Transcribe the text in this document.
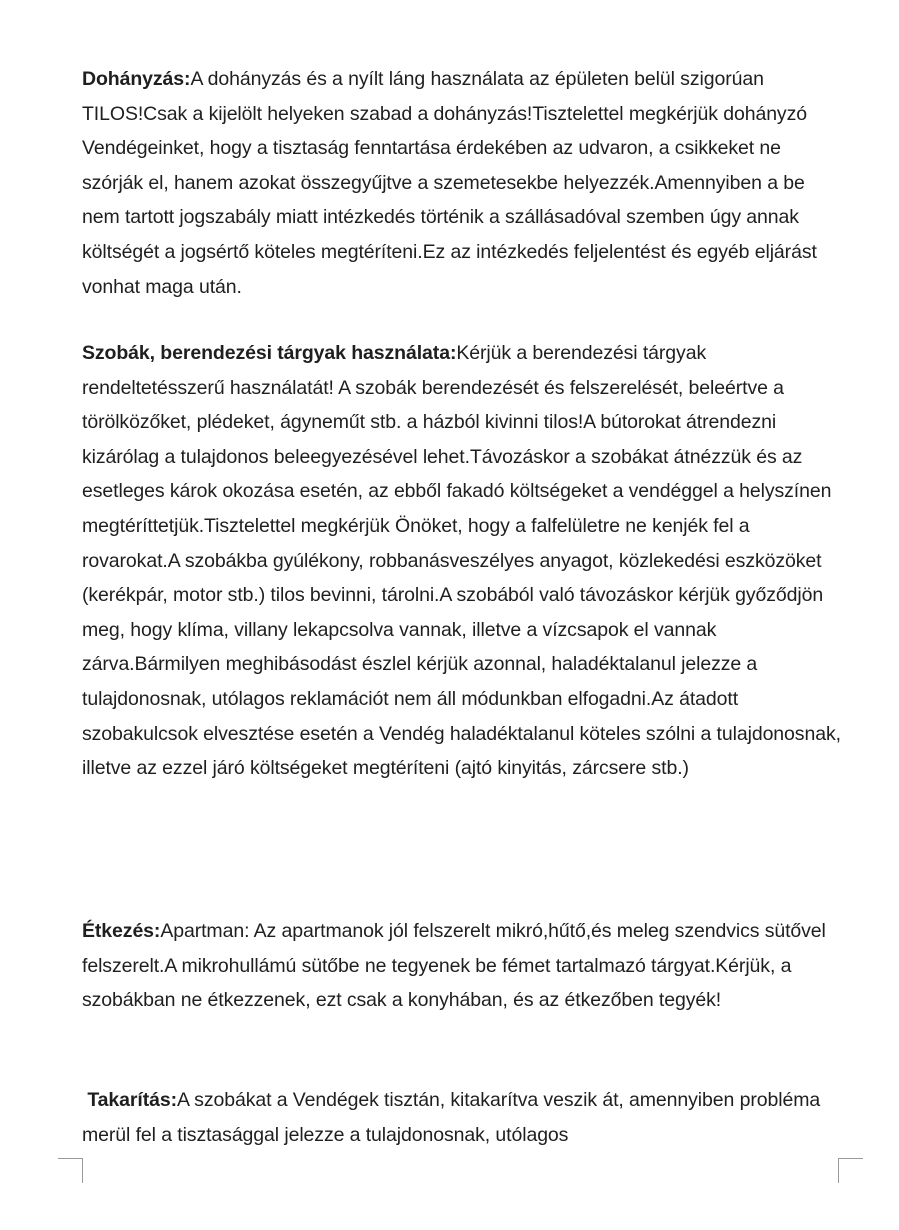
Dohányzás:A dohányzás és a nyílt láng használata az épületen belül szigorúan TILOS!Csak a kijelölt helyeken szabad a dohányzás!Tisztelettel megkérjük dohányzó Vendégeinket, hogy a tisztaság fenntartása érdekében az udvaron, a csikkeket ne szórják el, hanem azokat összegyűjtve a szemetesekbe helyezzék.Amennyiben a be nem tartott jogszabály miatt intézkedés történik a szállásadóval szemben úgy annak költségét a jogsértő köteles megtéríteni.Ez az intézkedés feljelentést és egyéb eljárást vonhat maga után.

Szobák, berendezési tárgyak használata:Kérjük a berendezési tárgyak rendeltetésszerű használatát! A szobák berendezését és felszerelését, beleértve a törölközőket, plédeket, ágyneműt stb. a házból kivinni tilos!A bútorokat átrendezni kizárólag a tulajdonos beleegyezésével lehet.Távozáskor a szobákat átnézzük és az esetleges károk okozása esetén, az ebből fakadó költségeket a vendéggel a helyszínen megtéríttetjük.Tisztelettel megkérjük Önöket, hogy a falfelületre ne kenjék fel a rovarokat.A szobákba gyúlékony, robbanásveszélyes anyagot, közlekedési eszközöket (kerékpár, motor stb.) tilos bevinni, tárolni.A szobából való távozáskor kérjük győződjön meg, hogy klíma, villany lekapcsolva vannak, illetve a vízcsapok el vannak zárva.Bármilyen meghibásodást észlel kérjük azonnal, haladéktalanul jelezze a tulajdonosnak, utólagos reklamációt nem áll módunkban elfogadni.Az átadott szobakulcsok elvesztése esetén a Vendég haladéktalanul köteles szólni a tulajdonosnak, illetve az ezzel járó költségeket megtéríteni (ajtó kinyitás, zárcsere stb.)

Étkezés:Apartman: Az apartmanok jól felszerelt mikró,hűtő,és meleg szendvics sütővel felszerelt.A mikrohullámú sütőbe ne tegyenek be fémet tartalmazó tárgyat.Kérjük, a szobákban ne étkezzenek, ezt csak a konyhában, és az étkezőben tegyék!

Takarítás:A szobákat a Vendégek tisztán, kitakarítva veszik át, amennyiben probléma merül fel a tisztasággal jelezze a tulajdonosnak, utólagos
